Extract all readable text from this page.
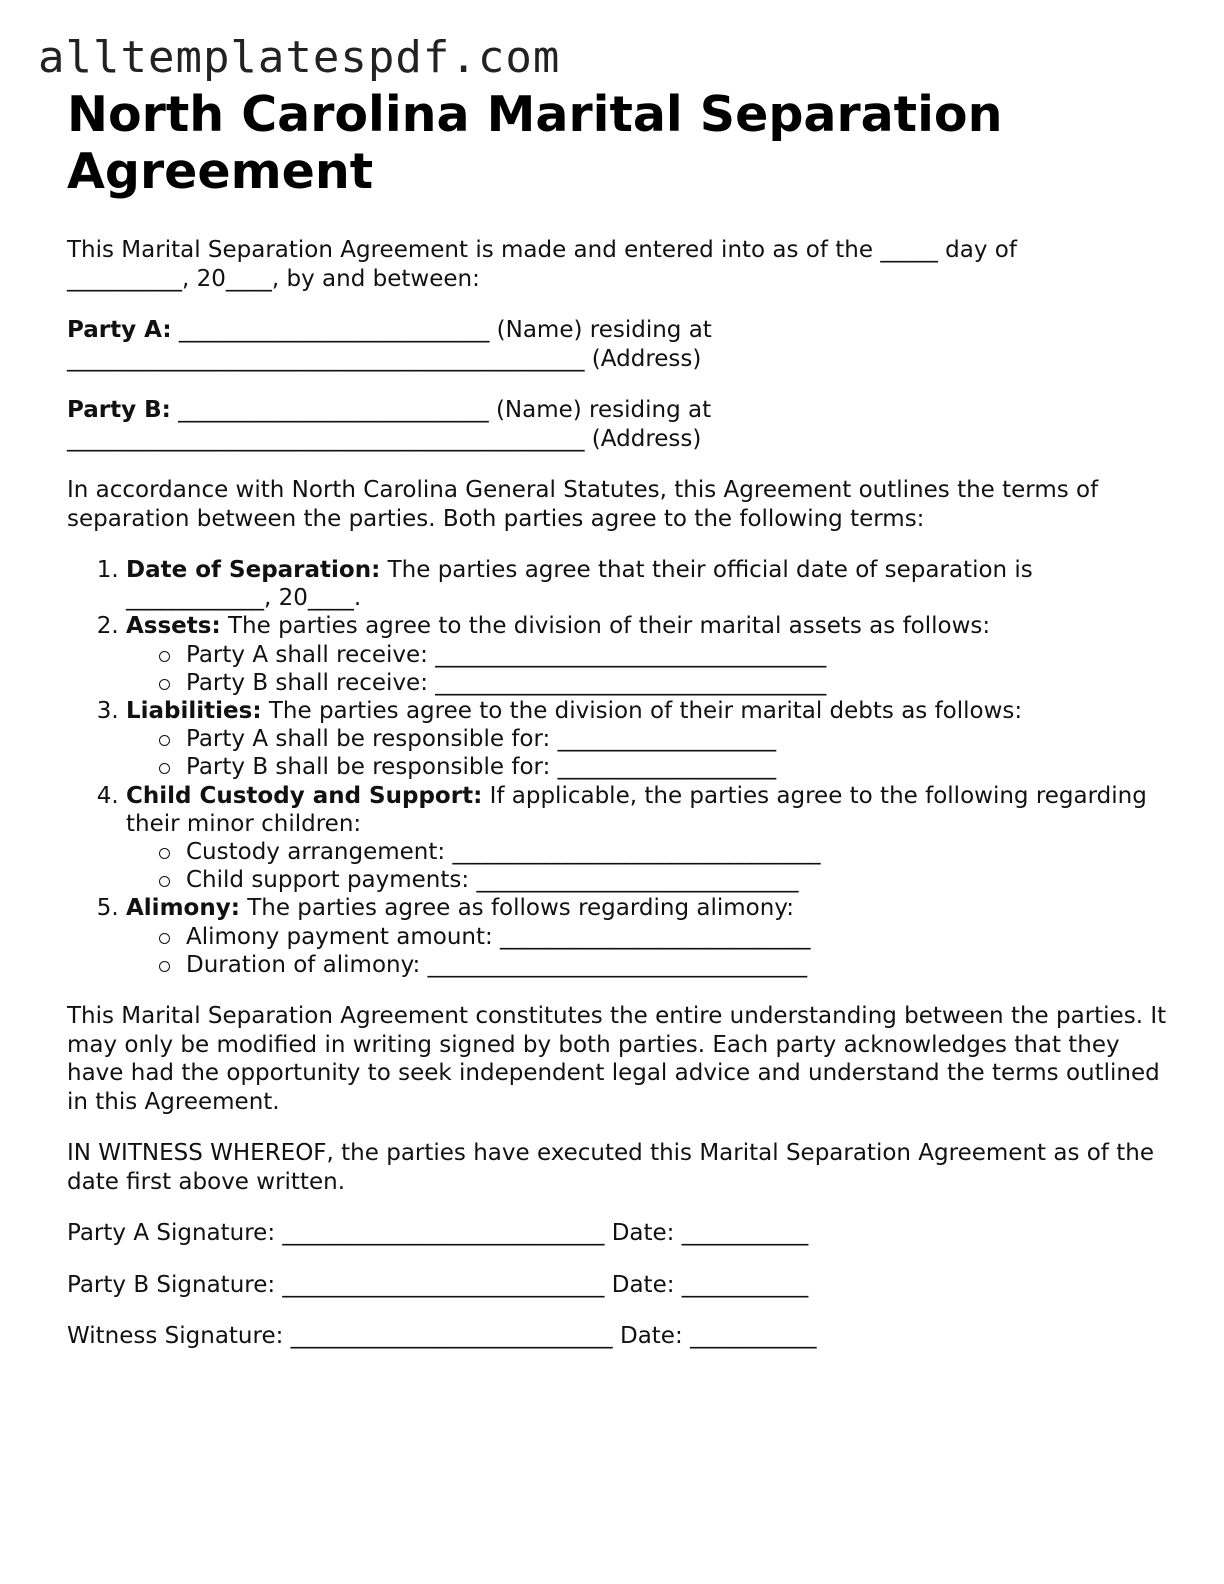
alltemplatespdf.com
North Carolina Marital Separation Agreement

This Marital Separation Agreement is made and entered into as of the _____ day of
__________, 20____, by and between:

Party A: ___________________________ (Name) residing at
_____________________________________________ (Address)

Party B: ___________________________ (Name) residing at
_____________________________________________ (Address)

In accordance with North Carolina General Statutes, this Agreement outlines the terms of separation between the parties. Both parties agree to the following terms:

1. Date of Separation: The parties agree that their official date of separation is ____________, 20____.
2. Assets: The parties agree to the division of their marital assets as follows:
Party A shall receive: __________________________________
Party B shall receive: __________________________________
3. Liabilities: The parties agree to the division of their marital debts as follows:
Party A shall be responsible for: ___________________
Party B shall be responsible for: ___________________
4. Child Custody and Support: If applicable, the parties agree to the following regarding their minor children:
Custody arrangement: ________________________________
Child support payments: ____________________________
5. Alimony: The parties agree as follows regarding alimony:
Alimony payment amount: ___________________________
Duration of alimony: _________________________________

This Marital Separation Agreement constitutes the entire understanding between the parties. It may only be modified in writing signed by both parties. Each party acknowledges that they have had the opportunity to seek independent legal advice and understand the terms outlined in this Agreement.

IN WITNESS WHEREOF, the parties have executed this Marital Separation Agreement as of the date first above written.

Party A Signature: ____________________________ Date: ___________

Party B Signature: ____________________________ Date: ___________

Witness Signature: ____________________________ Date: ___________
